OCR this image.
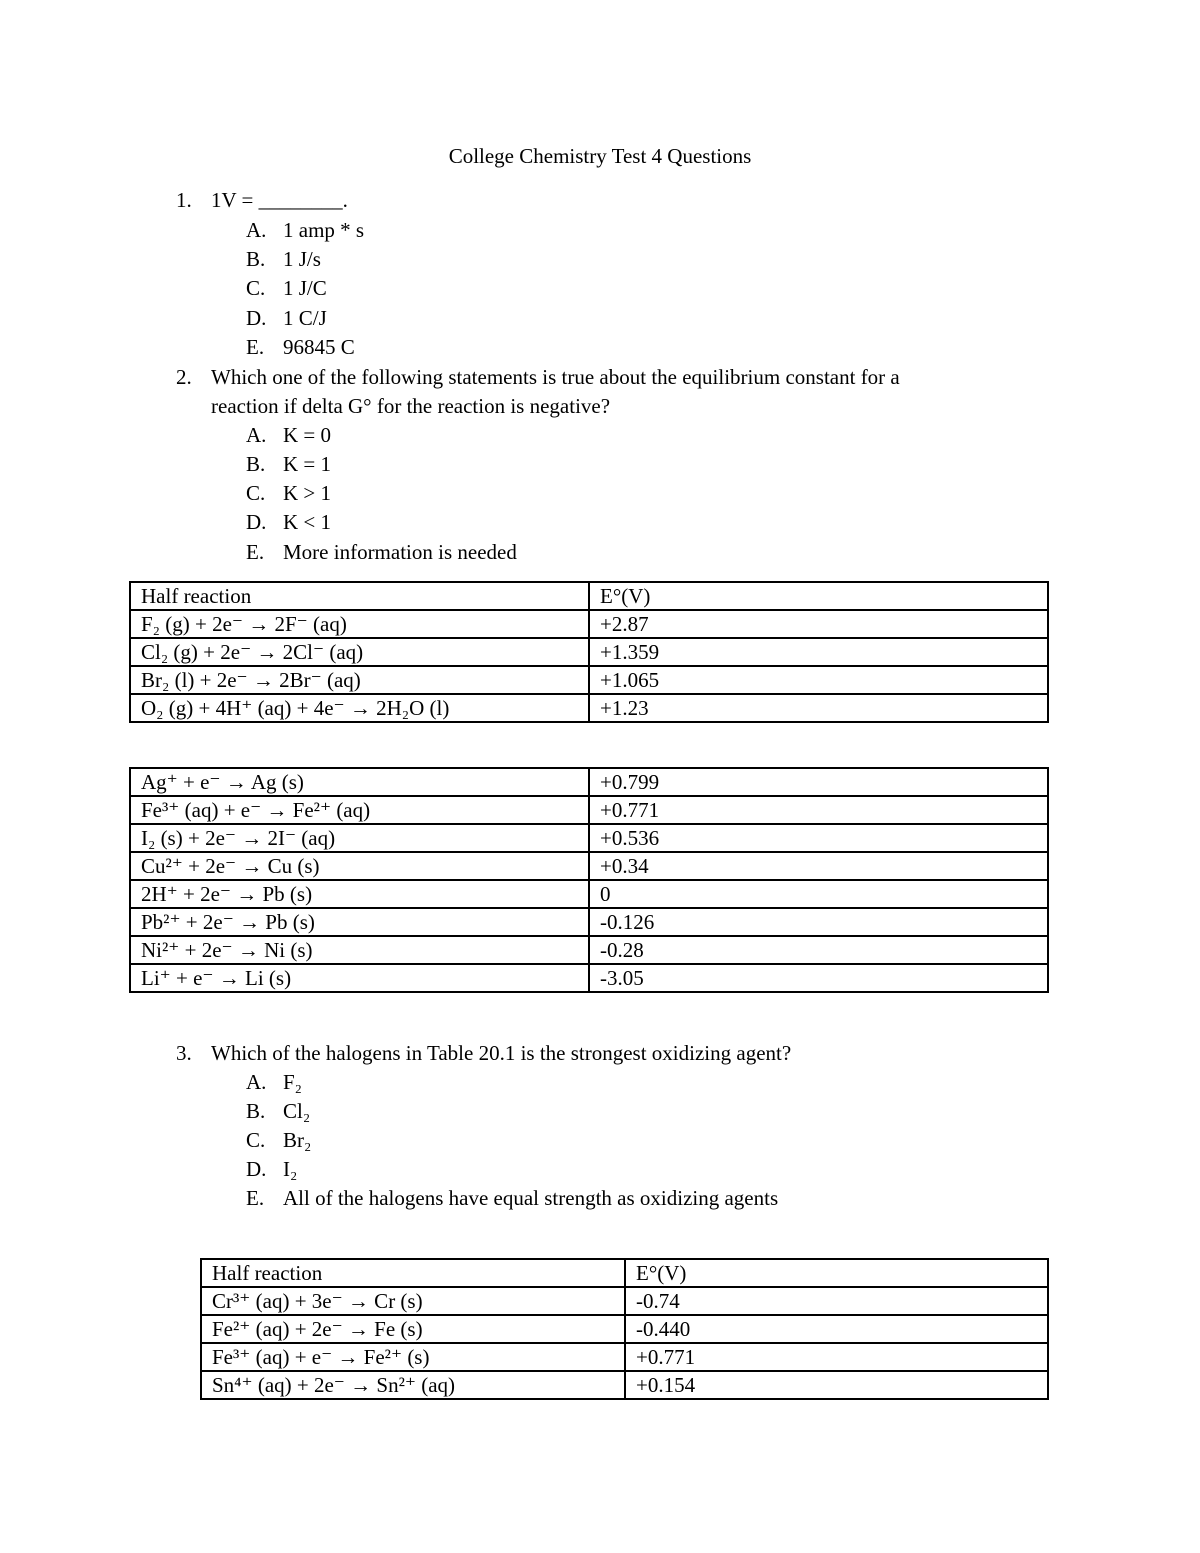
College Chemistry Test 4 Questions
1. 1V = ________.
A. 1 amp * s
B. 1 J/s
C. 1 J/C
D. 1 C/J
E. 96845 C
2. Which one of the following statements is true about the equilibrium constant for a
reaction if delta G° for the reaction is negative?
A. K = 0
B. K = 1
C. K > 1
D. K < 1
E. More information is needed
Half reaction	E°(V)
F₂ (g) + 2e⁻ → 2F⁻ (aq)	+2.87
Cl₂ (g) + 2e⁻ → 2Cl⁻ (aq)	+1.359
Br₂ (l) + 2e⁻ → 2Br⁻ (aq)	+1.065
O₂ (g) + 4H⁺ (aq) + 4e⁻ → 2H₂O (l)	+1.23
Ag⁺ + e⁻ → Ag (s)	+0.799
Fe³⁺ (aq) + e⁻ → Fe²⁺ (aq)	+0.771
I₂ (s) + 2e⁻ → 2I⁻ (aq)	+0.536
Cu²⁺ + 2e⁻ → Cu (s)	+0.34
2H⁺ + 2e⁻ → Pb (s)	0
Pb²⁺ + 2e⁻ → Pb (s)	-0.126
Ni²⁺ + 2e⁻ → Ni (s)	-0.28
Li⁺ + e⁻ → Li (s)	-3.05
3. Which of the halogens in Table 20.1 is the strongest oxidizing agent?
A. F₂
B. Cl₂
C. Br₂
D. I₂
E. All of the halogens have equal strength as oxidizing agents
Half reaction	E°(V)
Cr³⁺ (aq) + 3e⁻ → Cr (s)	-0.74
Fe²⁺ (aq) + 2e⁻ → Fe (s)	-0.440
Fe³⁺ (aq) + e⁻ → Fe²⁺ (s)	+0.771
Sn⁴⁺ (aq) + 2e⁻ → Sn²⁺ (aq)	+0.154
